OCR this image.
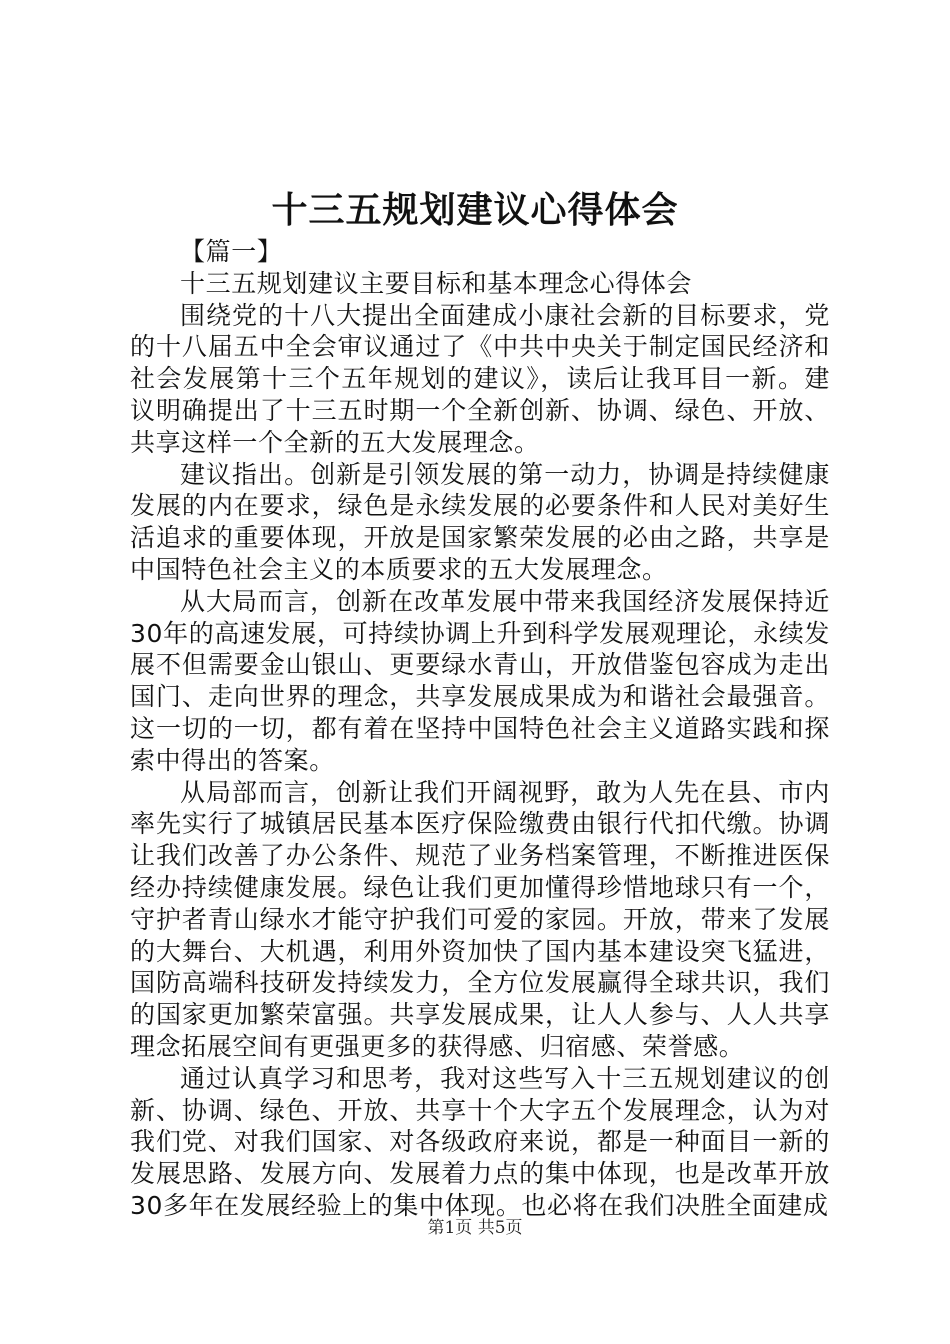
十三五规划建议心得体会

【篇一】

十三五规划建议主要目标和基本理念心得体会

围绕党的十八大提出全面建成小康社会新的目标要求，党的十八届五中全会审议通过了《中共中央关于制定国民经济和社会发展第十三个五年规划的建议》，读后让我耳目一新。建议明确提出了十三五时期一个全新创新、协调、绿色、开放、共享这样一个全新的五大发展理念。

建议指出。创新是引领发展的第一动力，协调是持续健康发展的内在要求，绿色是永续发展的必要条件和人民对美好生活追求的重要体现，开放是国家繁荣发展的必由之路，共享是中国特色社会主义的本质要求的五大发展理念。

从大局而言，创新在改革发展中带来我国经济发展保持近30年的高速发展，可持续协调上升到科学发展观理论，永续发展不但需要金山银山、更要绿水青山，开放借鉴包容成为走出国门、走向世界的理念，共享发展成果成为和谐社会最强音。这一切的一切，都有着在坚持中国特色社会主义道路实践和探索中得出的答案。

从局部而言，创新让我们开阔视野，敢为人先在县、市内率先实行了城镇居民基本医疗保险缴费由银行代扣代缴。协调让我们改善了办公条件、规范了业务档案管理，不断推进医保经办持续健康发展。绿色让我们更加懂得珍惜地球只有一个，守护者青山绿水才能守护我们可爱的家园。开放，带来了发展的大舞台、大机遇，利用外资加快了国内基本建设突飞猛进，国防高端科技研发持续发力，全方位发展赢得全球共识，我们的国家更加繁荣富强。共享发展成果，让人人参与、人人共享理念拓展空间有更强更多的获得感、归宿感、荣誉感。

通过认真学习和思考，我对这些写入十三五规划建议的创新、协调、绿色、开放、共享十个大字五个发展理念，认为对我们党、对我们国家、对各级政府来说，都是一种面目一新的发展思路、发展方向、发展着力点的集中体现，也是改革开放30多年在发展经验上的集中体现。也必将在我们决胜全面建成

第1页 共5页
